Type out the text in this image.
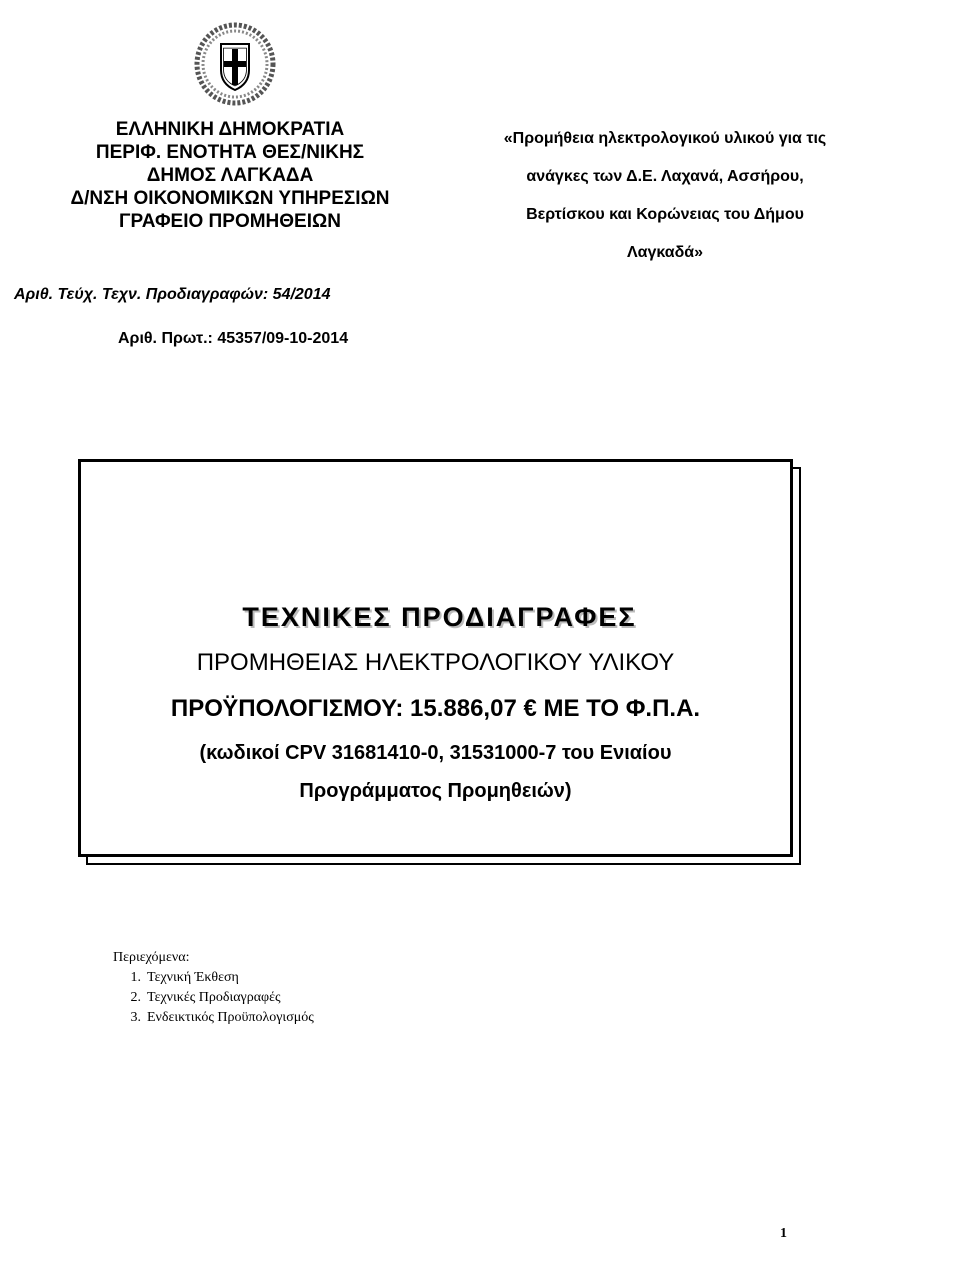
ΕΛΛΗΝΙΚΗ ΔΗΜΟΚΡΑΤΙΑ
ΠΕΡΙΦ. ΕΝΟΤΗΤΑ ΘΕΣ/ΝΙΚΗΣ
ΔΗΜΟΣ ΛΑΓΚΑΔΑ
Δ/ΝΣΗ ΟΙΚΟΝΟΜΙΚΩΝ ΥΠΗΡΕΣΙΩΝ
ΓΡΑΦΕΙΟ ΠΡΟΜΗΘΕΙΩΝ
«Προμήθεια ηλεκτρολογικού υλικού για τις
ανάγκες των Δ.Ε. Λαχανά, Ασσήρου,
Βερτίσκου και Κορώνειας του Δήμου
Λαγκαδά»
Αριθ. Τεύχ. Τεχν. Προδιαγραφών: 54/2014
Αριθ. Πρωτ.: 45357/09-10-2014
ΤΕΧΝΙΚΕΣ ΠΡΟΔΙΑΓΡΑΦΕΣ
ΠΡΟΜΗΘΕΙΑΣ ΗΛΕΚΤΡΟΛΟΓΙΚΟΥ ΥΛΙΚΟΥ
ΠΡΟΫΠΟΛΟΓΙΣΜΟΥ: 15.886,07 € ΜΕ ΤΟ Φ.Π.Α.
(κωδικοί CPV 31681410-0, 31531000-7 του Ενιαίου
Προγράμματος Προμηθειών)
Περιεχόμενα:
1. Τεχνική Έκθεση
2. Τεχνικές Προδιαγραφές
3. Ενδεικτικός Προϋπολογισμός
1
